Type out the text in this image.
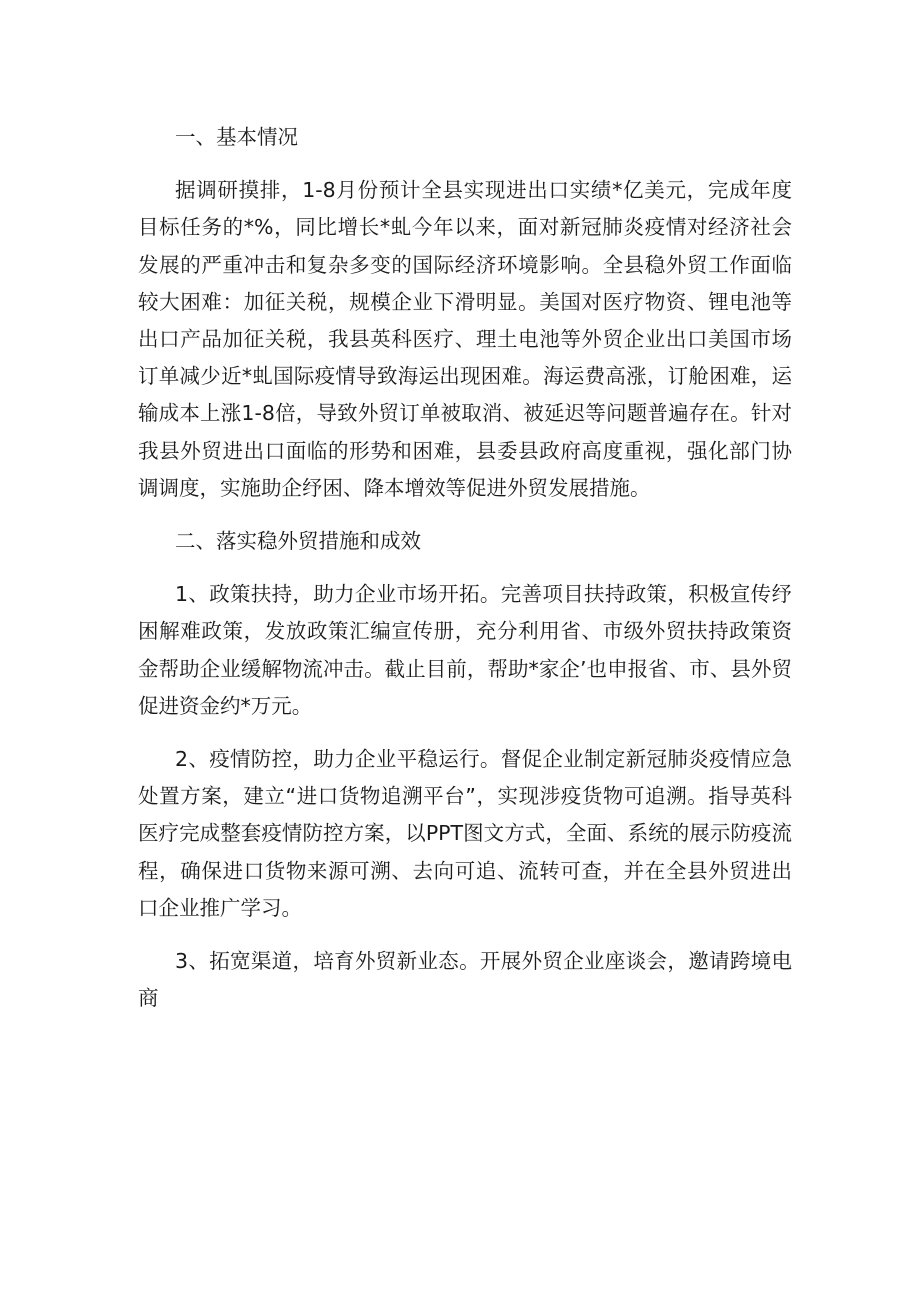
一、基本情况

据调研摸排，1-8月份预计全县实现进出口实绩*亿美元，完成年度目标任务的*%，同比增长*虬今年以来，面对新冠肺炎疫情对经济社会发展的严重冲击和复杂多变的国际经济环境影响。全县稳外贸工作面临较大困难：加征关税，规模企业下滑明显。美国对医疗物资、锂电池等出口产品加征关税，我县英科医疗、理土电池等外贸企业出口美国市场订单减少近*虬国际疫情导致海运出现困难。海运费高涨，订舱困难，运输成本上涨1-8倍，导致外贸订单被取消、被延迟等问题普遍存在。针对我县外贸进出口面临的形势和困难，县委县政府高度重视，强化部门协调调度，实施助企纾困、降本增效等促进外贸发展措施。

二、落实稳外贸措施和成效

1、政策扶持，助力企业市场开拓。完善项目扶持政策，积极宣传纾困解难政策，发放政策汇编宣传册，充分利用省、市级外贸扶持政策资金帮助企业缓解物流冲击。截止目前，帮助*家企’也申报省、市、县外贸促进资金约*万元。

2、疫情防控，助力企业平稳运行。督促企业制定新冠肺炎疫情应急处置方案，建立“进口货物追溯平台”，实现涉疫货物可追溯。指导英科医疗完成整套疫情防控方案，以PPT图文方式，全面、系统的展示防疫流程，确保进口货物来源可溯、去向可追、流转可查，并在全县外贸进出口企业推广学习。

3、拓宽渠道，培育外贸新业态。开展外贸企业座谈会，邀请跨境电商
